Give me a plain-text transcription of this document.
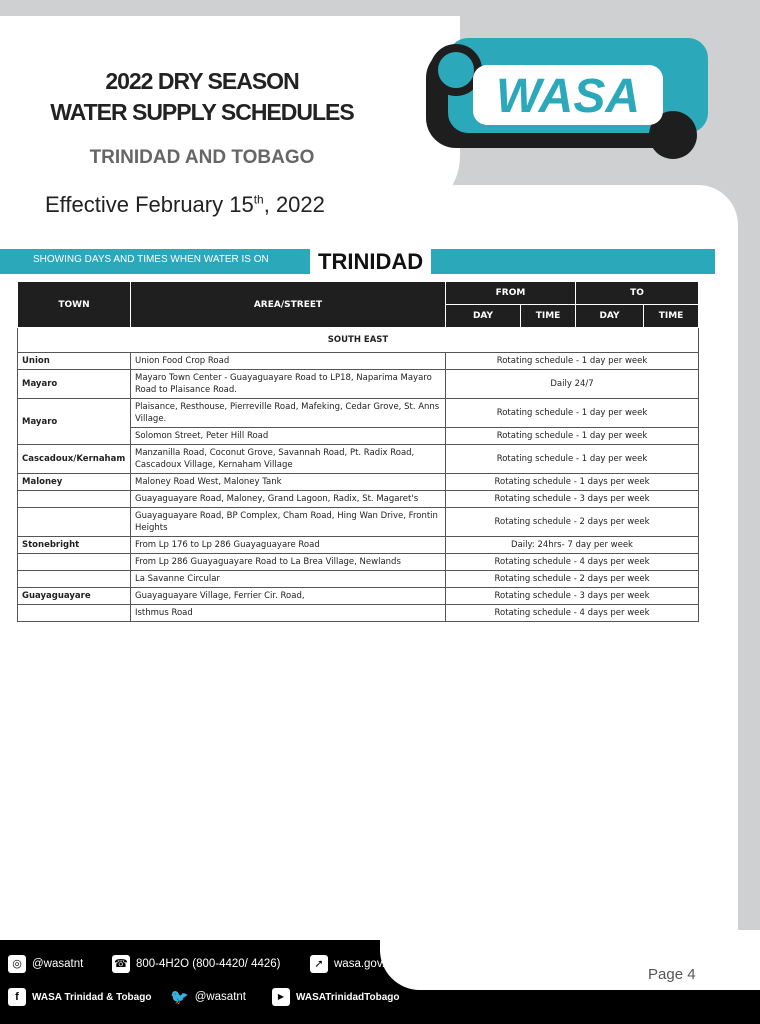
2022 DRY SEASON
WATER SUPPLY SCHEDULES
TRINIDAD AND TOBAGO
Effective February 15th, 2022
WASA
SHOWING DAYS AND TIMES WHEN WATER IS ON	TRINIDAD
TOWN	AREA/STREET	FROM		TO	
		DAY	TIME	DAY	TIME
SOUTH EAST					
Union	Union Food Crop Road	Rotating schedule - 1 day per week			
Mayaro	Mayaro Town Center - Guayaguayare Road to LP18, Naparima Mayaro Road to Plaisance Road.	Daily 24/7			
Mayaro	Plaisance, Resthouse, Pierreville Road, Mafeking, Cedar Grove, St. Anns Village.	Rotating schedule - 1 day per week			
	Solomon Street, Peter Hill Road	Rotating schedule - 1 day per week			
Cascadoux/Kernaham	Manzanilla Road, Coconut Grove, Savannah Road, Pt. Radix Road, Cascadoux Village, Kernaham Village	Rotating schedule - 1 day per week			
Maloney	Maloney Road West, Maloney Tank	Rotating schedule - 1 days per week			
	Guayaguayare Road, Maloney, Grand Lagoon, Radix, St. Magaret's	Rotating schedule - 3 days per week			
	Guayaguayare Road, BP Complex, Cham Road, Hing Wan Drive, Frontin Heights	Rotating schedule - 2 days per week			
Stonebright	From Lp 176 to Lp 286 Guayaguayare Road	Daily: 24hrs- 7 day per week			
	From Lp 286 Guayaguayare Road to La Brea Village, Newlands	Rotating schedule - 4 days per week			
	La Savanne Circular	Rotating schedule - 2 days per week			
Guayaguayare	Guayaguayare Village, Ferrier Cir. Road,	Rotating schedule - 3 days per week			
	Isthmus Road	Rotating schedule - 4 days per week			
◎ @wasatnt	☎ 800-4H2O (800-4420/ 4426)	➚ wasa.gov.tt
f	WASA Trinidad & Tobago 🐦 @wasatnt	▶	WASATrinidadTobago
Page 4
